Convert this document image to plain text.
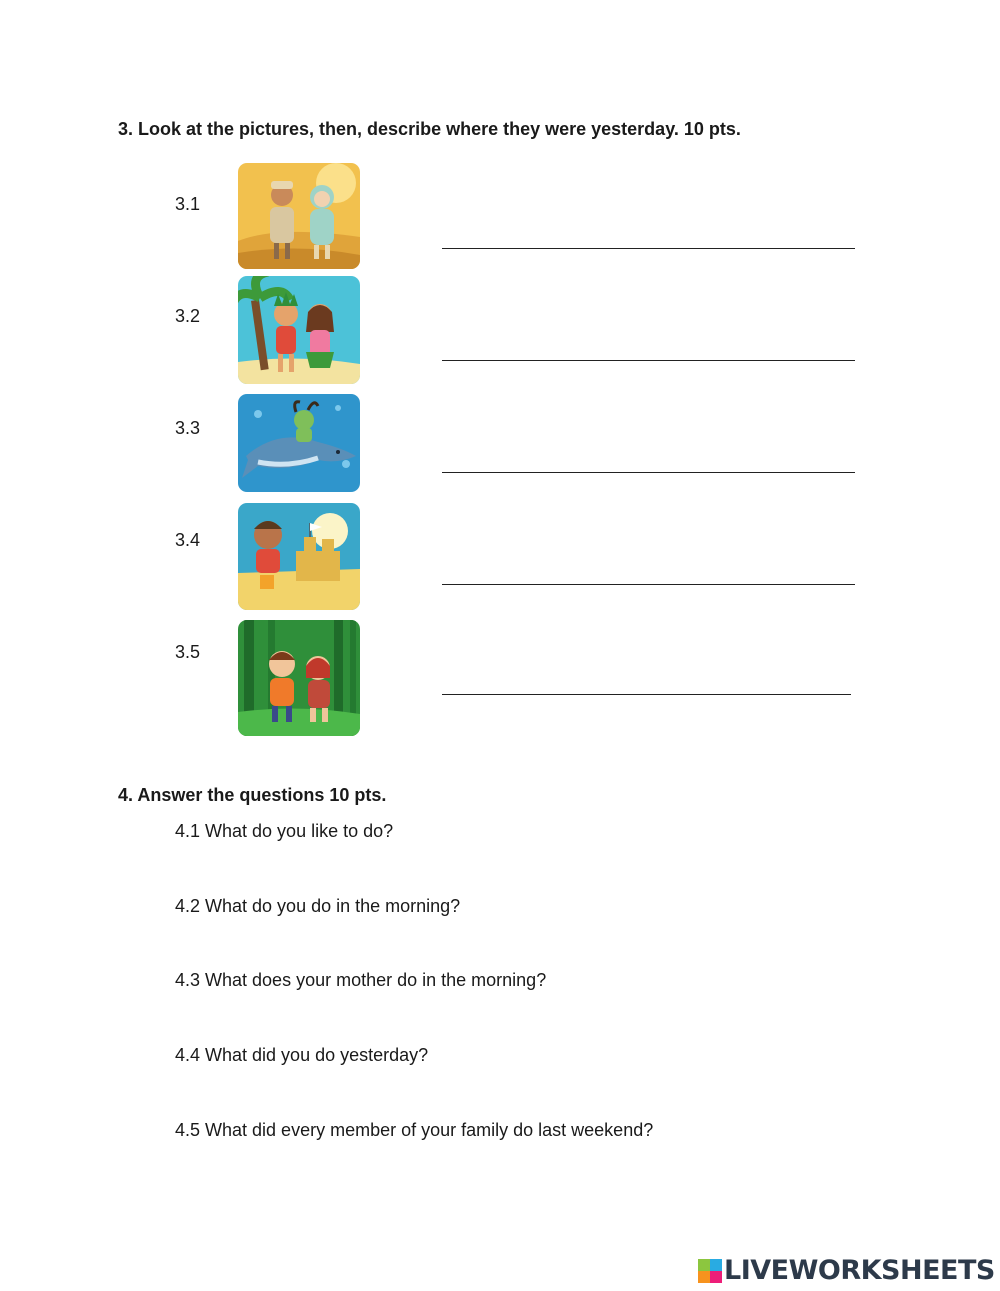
3. Look at the pictures, then, describe where they were yesterday. 10 pts.
3.1
3.2
3.3
3.4
3.5
4. Answer the questions 10 pts.
4.1 What do you like to do?
4.2 What do you do in the morning?
4.3 What does your mother do in the morning?
4.4 What did you do yesterday?
4.5 What did every member of your family do last weekend?
LIVEWORKSHEETS
